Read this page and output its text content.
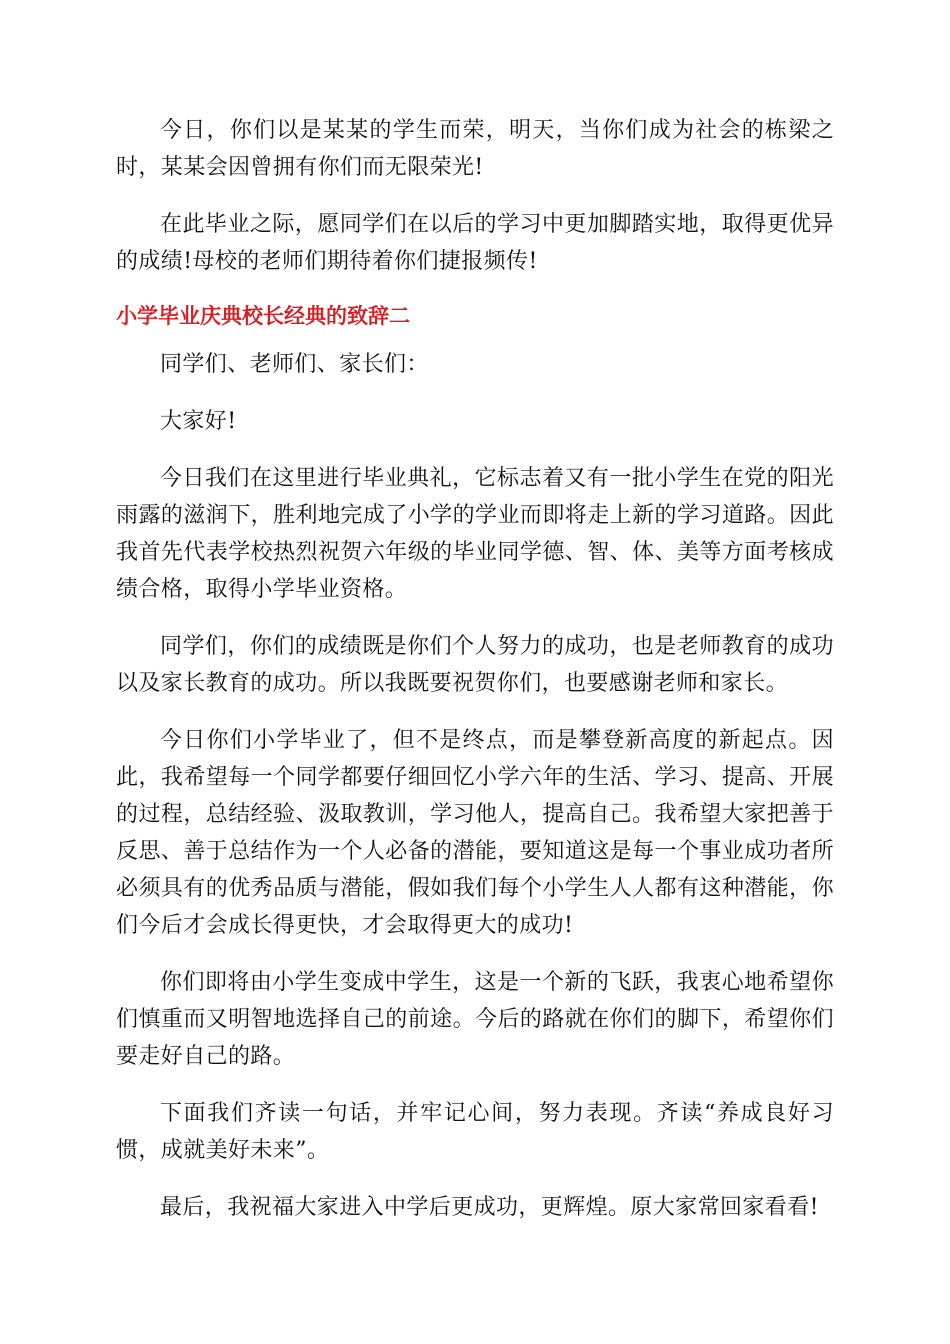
今日，你们以是某某的学生而荣，明天，当你们成为社会的栋梁之时，某某会因曾拥有你们而无限荣光!

在此毕业之际，愿同学们在以后的学习中更加脚踏实地，取得更优异的成绩!母校的老师们期待着你们捷报频传!

小学毕业庆典校长经典的致辞二

同学们、老师们、家长们：

大家好!

今日我们在这里进行毕业典礼，它标志着又有一批小学生在党的阳光雨露的滋润下，胜利地完成了小学的学业而即将走上新的学习道路。因此我首先代表学校热烈祝贺六年级的毕业同学德、智、体、美等方面考核成绩合格，取得小学毕业资格。

同学们，你们的成绩既是你们个人努力的成功，也是老师教育的成功以及家长教育的成功。所以我既要祝贺你们，也要感谢老师和家长。

今日你们小学毕业了，但不是终点，而是攀登新高度的新起点。因此，我希望每一个同学都要仔细回忆小学六年的生活、学习、提高、开展的过程，总结经验、汲取教训，学习他人，提高自己。我希望大家把善于反思、善于总结作为一个人必备的潜能，要知道这是每一个事业成功者所必须具有的优秀品质与潜能，假如我们每个小学生人人都有这种潜能，你们今后才会成长得更快，才会取得更大的成功!

你们即将由小学生变成中学生，这是一个新的飞跃，我衷心地希望你们慎重而又明智地选择自己的前途。今后的路就在你们的脚下，希望你们要走好自己的路。

下面我们齐读一句话，并牢记心间，努力表现。齐读“养成良好习惯，成就美好未来”。

最后，我祝福大家进入中学后更成功，更辉煌。原大家常回家看看!
